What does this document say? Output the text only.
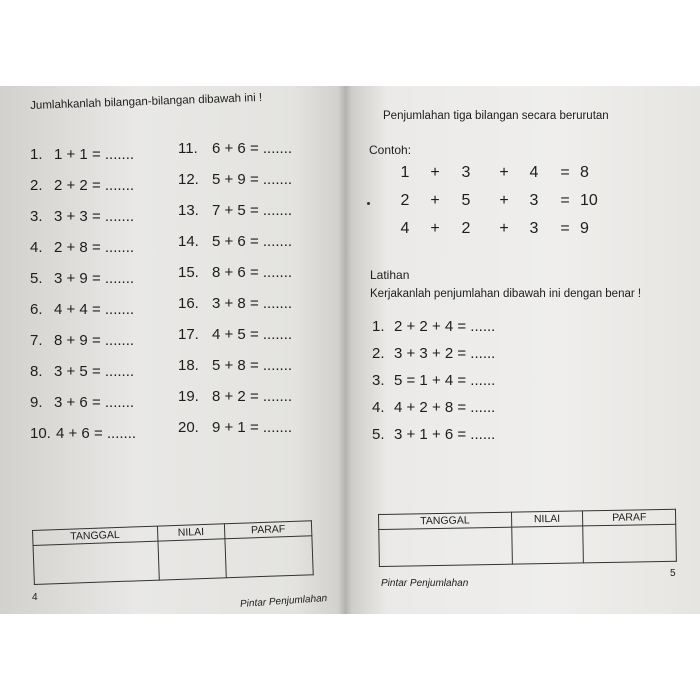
Jumlahkanlah bilangan-bilangan dibawah ini !
1. 1 + 1 = .......
2. 2 + 2 = .......
3. 3 + 3 = .......
4. 2 + 8 = .......
5. 3 + 9 = .......
6. 4 + 4 = .......
7. 8 + 9 = .......
8. 3 + 5 = .......
9. 3 + 6 = .......
10. 4 + 6 = .......
11. 6 + 6 = .......
12. 5 + 9 = .......
13. 7 + 5 = .......
14. 5 + 6 = .......
15. 8 + 6 = .......
16. 3 + 8 = .......
17. 4 + 5 = .......
18. 5 + 8 = .......
19. 8 + 2 = .......
20. 9 + 1 = .......
TANGGAL	NILAI	PARAF

4	Pintar Penjumlahan
Penjumlahan tiga bilangan secara berurutan
Contoh:
1	+	3	+	4	= 8
2	+	5	+	3	= 10
4	+	2	+	3	= 9
Latihan
Kerjakanlah penjumlahan dibawah ini dengan benar !
1. 2 + 2 + 4 = ......
2. 3 + 3 + 2 = ......
3. 5 = 1 + 4 = ......
4. 4 + 2 + 8 = ......
5. 3 + 1 + 6 = ......
TANGGAL	NILAI	PARAF

Pintar Penjumlahan
5
